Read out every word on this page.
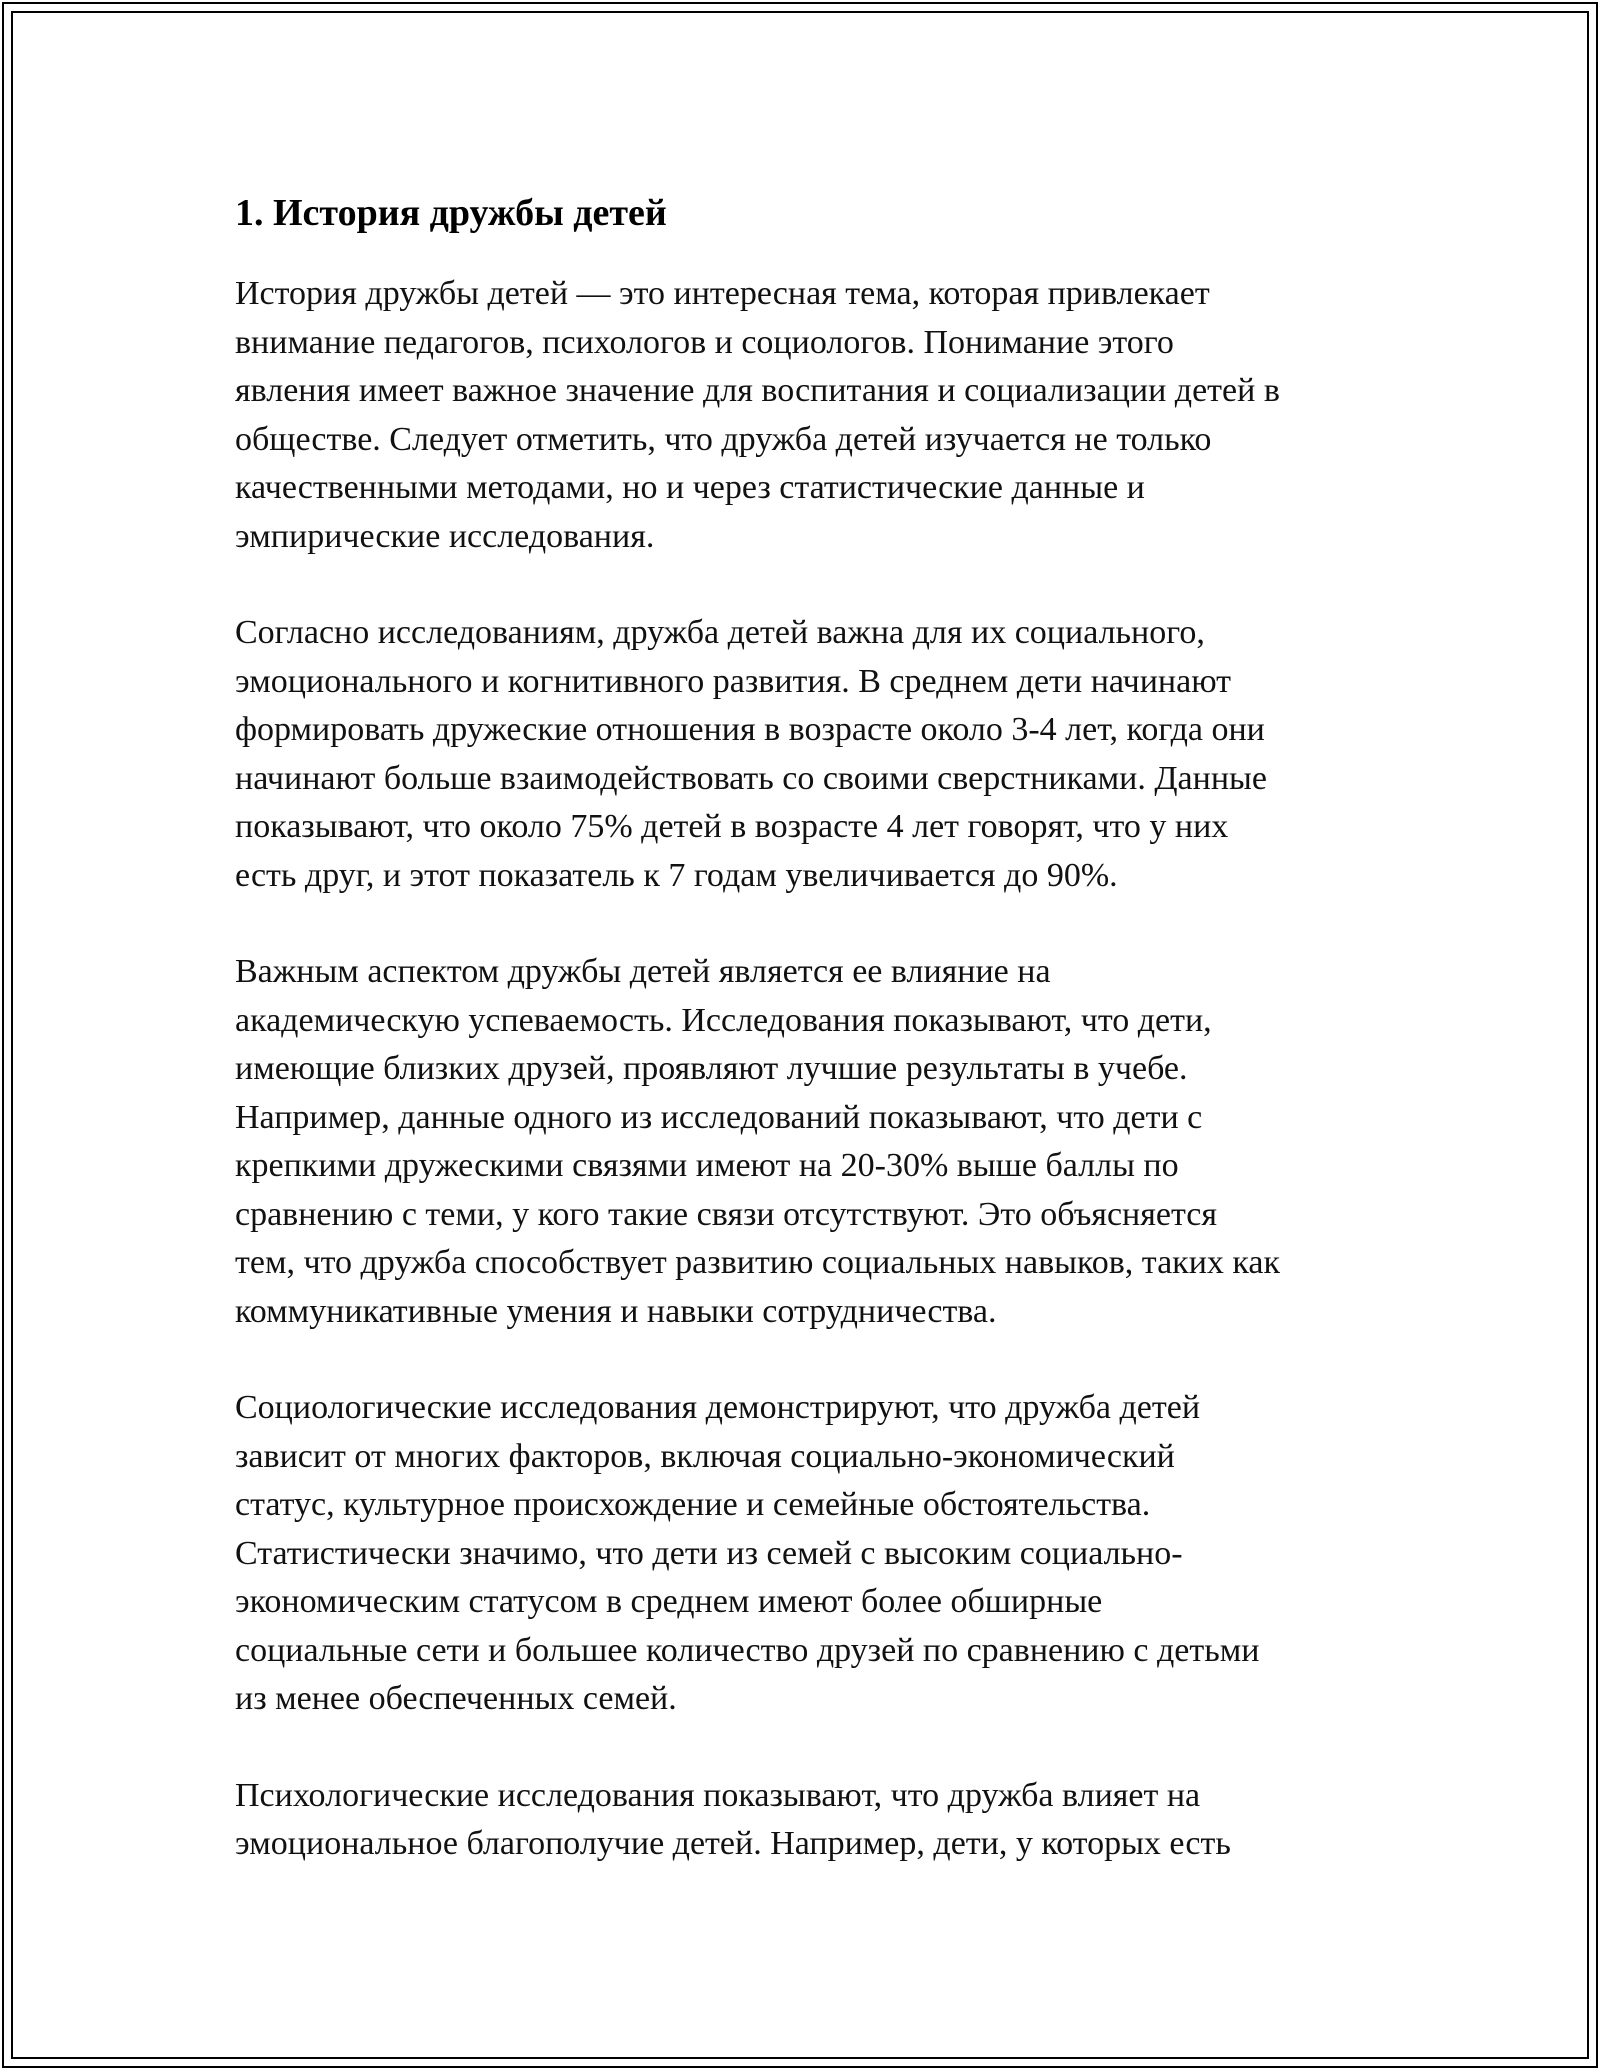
1. История дружбы детей

История дружбы детей — это интересная тема, которая привлекает
внимание педагогов, психологов и социологов. Понимание этого
явления имеет важное значение для воспитания и социализации детей в
обществе. Следует отметить, что дружба детей изучается не только
качественными методами, но и через статистические данные и
эмпирические исследования.

Согласно исследованиям, дружба детей важна для их социального,
эмоционального и когнитивного развития. В среднем дети начинают
формировать дружеские отношения в возрасте около 3-4 лет, когда они
начинают больше взаимодействовать со своими сверстниками. Данные
показывают, что около 75% детей в возрасте 4 лет говорят, что у них
есть друг, и этот показатель к 7 годам увеличивается до 90%.

Важным аспектом дружбы детей является ее влияние на
академическую успеваемость. Исследования показывают, что дети,
имеющие близких друзей, проявляют лучшие результаты в учебе.
Например, данные одного из исследований показывают, что дети с
крепкими дружескими связями имеют на 20-30% выше баллы по
сравнению с теми, у кого такие связи отсутствуют. Это объясняется
тем, что дружба способствует развитию социальных навыков, таких как
коммуникативные умения и навыки сотрудничества.

Социологические исследования демонстрируют, что дружба детей
зависит от многих факторов, включая социально-экономический
статус, культурное происхождение и семейные обстоятельства.
Статистически значимо, что дети из семей с высоким социально-
экономическим статусом в среднем имеют более обширные
социальные сети и большее количество друзей по сравнению с детьми
из менее обеспеченных семей.

Психологические исследования показывают, что дружба влияет на
эмоциональное благополучие детей. Например, дети, у которых есть
